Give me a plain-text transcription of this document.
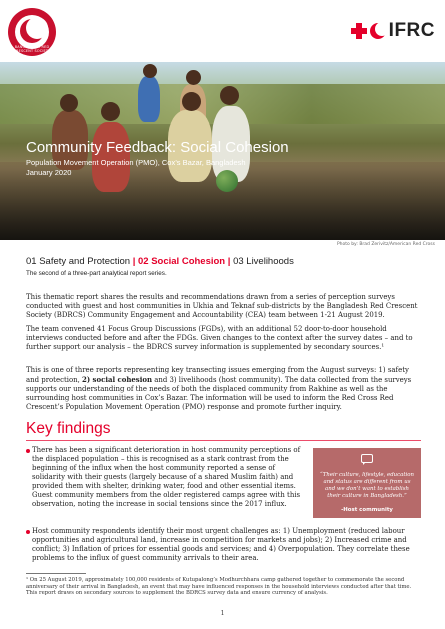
BANGLADESH RED CRESCENT SOCIETY
IFRC
Community Feedback: Social Cohesion
Population Movement Operation (PMO), Cox’s Bazar, Bangladesh
January 2020
Photo by: Brad Zerivitz/American Red Cross
01 Safety and Protection | 02 Social Cohesion | 03 Livelihoods
The second of a three-part analytical report series.
This thematic report shares the results and recommendations drawn from a series of perception surveys conducted with guest and host communities in Ukhia and Teknaf sub-districts by the Bangladesh Red Crescent Society (BDRCS) Community Engagement and Accountability (CEA) team between 1-21 August 2019.
The team convened 41 Focus Group Discussions (FGDs), with an additional 52 door-to-door household interviews conducted before and after the FDGs. Given changes to the context after the survey dates – and to further support our analysis – the BDRCS survey information is supplemented by secondary sources.¹
This is one of three reports representing key transecting issues emerging from the August surveys: 1) safety and protection, 2) social cohesion and 3) livelihoods (host community). The data collected from the surveys supports our understanding of the needs of both the displaced community from Rakhine as well as the surrounding host communities in Cox’s Bazar. The information will be used to inform the Red Cross Red Crescent’s Population Movement Operation (PMO) response and promote further inquiry.
Key findings
There has been a significant deterioration in host community perceptions of the displaced population – this is recognised as a stark contrast from the beginning of the influx when the host community reported a sense of solidarity with their guests (largely because of a shared Muslim faith) and provided them with shelter, drinking water, food and other essential items. Guest community members from the older registered camps agree with this observation, noting the increase in social tensions since the 2017 influx.
“Their culture, lifestyle, education and status are different from us and we don’t want to establish their culture in Bangladesh.”
-Host community
Host community respondents identify their most urgent challenges as: 1) Unemployment (reduced labour opportunities and agricultural land, increase in competition for markets and jobs); 2) Increased crime and conflict; 3) Inflation of prices for essential goods and services; and 4) Overpopulation. They correlate these problems to the influx of guest community arrivals to their area.
¹ On 25 August 2019, approximately 100,000 residents of Kutupalong’s Modhurchhara camp gathered together to commemorate the second anniversary of their arrival in Bangladesh, an event that may have influenced responses in the household interviews conducted after that time. This report draws on secondary sources to supplement the BDRCS survey data and ensure currency of analysis.
1
